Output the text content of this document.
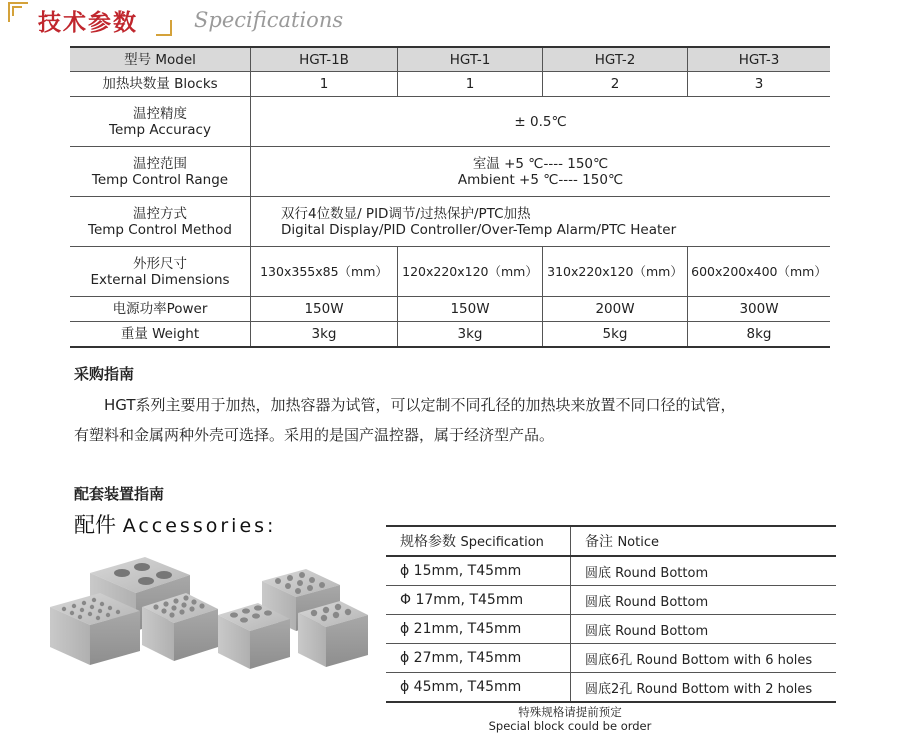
技术参数	Specifications
型号 Model	HGT-1B	HGT-1	HGT-2	HGT-3
加热块数量 Blocks	1	1	2	3
温控精度
Temp Accuracy	± 0.5℃			
温控范围
Temp Control Range	室温 +5 ℃---- 150℃
Ambient +5 ℃---- 150℃			
温控方式
Temp Control Method	双行4位数显/ PID调节/过热保护/PTC加热
Digital Display/PID Controller/Over-Temp Alarm/PTC Heater			
外形尺寸
External Dimensions	130x355x85（mm）	120x220x120（mm）	310x220x120（mm）	600x200x400（mm）
电源功率Power	150W	150W	200W	300W
重量 Weight	3kg	3kg	5kg	8kg
采购指南

HGT系列主要用于加热，加热容器为试管，可以定制不同孔径的加热块来放置不同口径的试管，

有塑料和金属两种外壳可选择。采用的是国产温控器，属于经济型产品。

配套装置指南
配件 Accessories:
规格参数 Specification	备注 Notice
ϕ 15mm, T45mm	圆底 Round Bottom
Φ 17mm, T45mm	圆底 Round Bottom
ϕ 21mm, T45mm	圆底 Round Bottom
ϕ 27mm, T45mm	圆底6孔 Round Bottom with 6 holes
ϕ 45mm, T45mm	圆底2孔 Round Bottom with 2 holes
特殊规格请提前预定
Special block could be order
